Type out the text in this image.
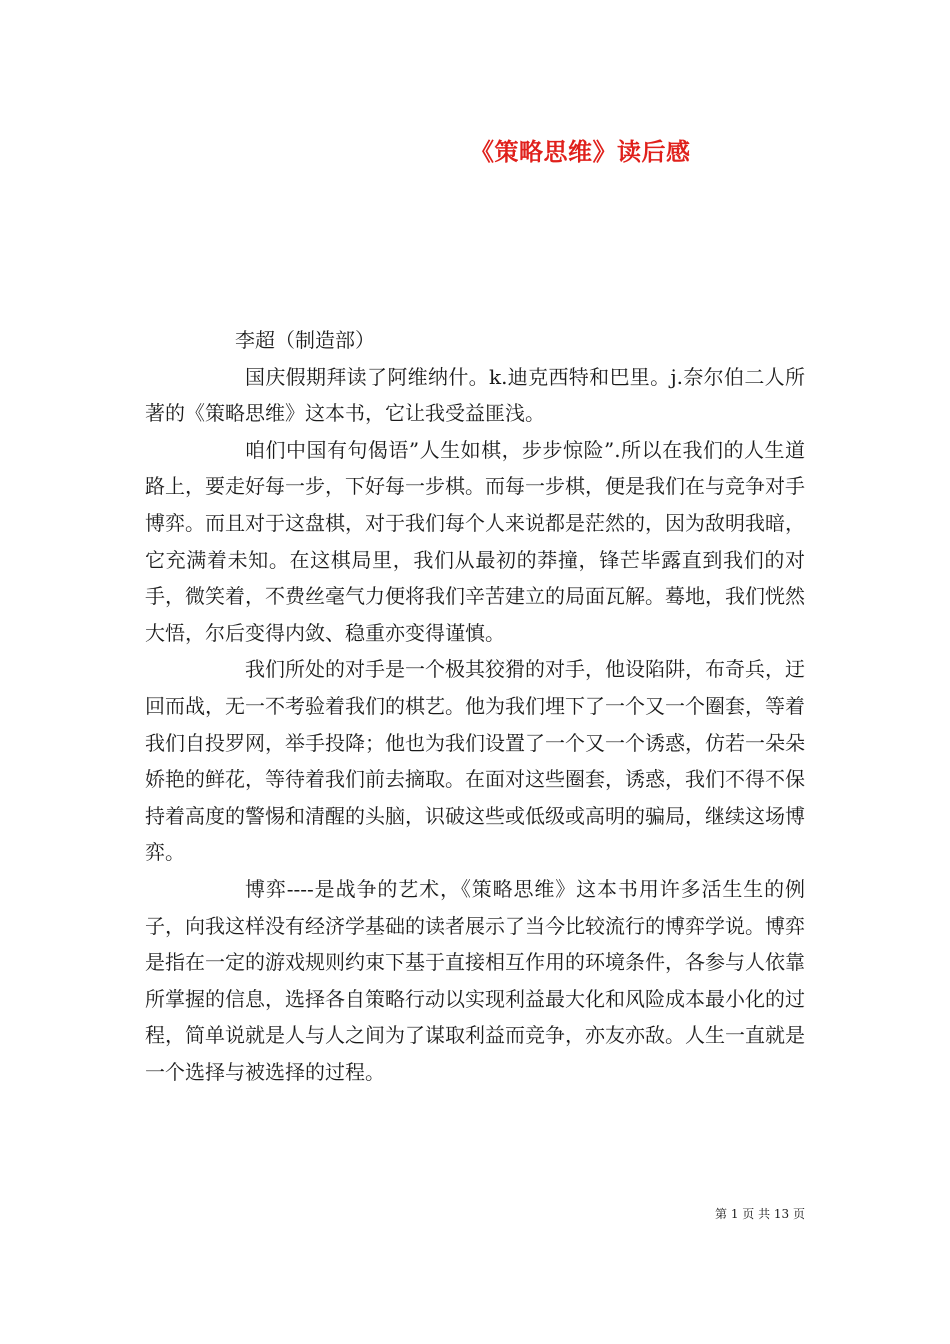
《策略思维》读后感

李超（制造部）

国庆假期拜读了阿维纳什。k.迪克西特和巴里。j.奈尔伯二人所著的《策略思维》这本书，它让我受益匪浅。

咱们中国有句偈语”人生如棋，步步惊险”.所以在我们的人生道路上，要走好每一步，下好每一步棋。而每一步棋，便是我们在与竞争对手博弈。而且对于这盘棋，对于我们每个人来说都是茫然的，因为敌明我暗，它充满着未知。在这棋局里，我们从最初的莽撞，锋芒毕露直到我们的对手，微笑着，不费丝毫气力便将我们辛苦建立的局面瓦解。蓦地，我们恍然大悟，尔后变得内敛、稳重亦变得谨慎。

我们所处的对手是一个极其狡猾的对手，他设陷阱，布奇兵，迂回而战，无一不考验着我们的棋艺。他为我们埋下了一个又一个圈套，等着我们自投罗网，举手投降；他也为我们设置了一个又一个诱惑，仿若一朵朵娇艳的鲜花，等待着我们前去摘取。在面对这些圈套，诱惑，我们不得不保持着高度的警惕和清醒的头脑，识破这些或低级或高明的骗局，继续这场博弈。

博弈----是战争的艺术，《策略思维》这本书用许多活生生的例子，向我这样没有经济学基础的读者展示了当今比较流行的博弈学说。博弈是指在一定的游戏规则约束下基于直接相互作用的环境条件，各参与人依靠所掌握的信息，选择各自策略行动以实现利益最大化和风险成本最小化的过程，简单说就是人与人之间为了谋取利益而竞争，亦友亦敌。人生一直就是一个选择与被选择的过程。

第 1 页 共 13 页
